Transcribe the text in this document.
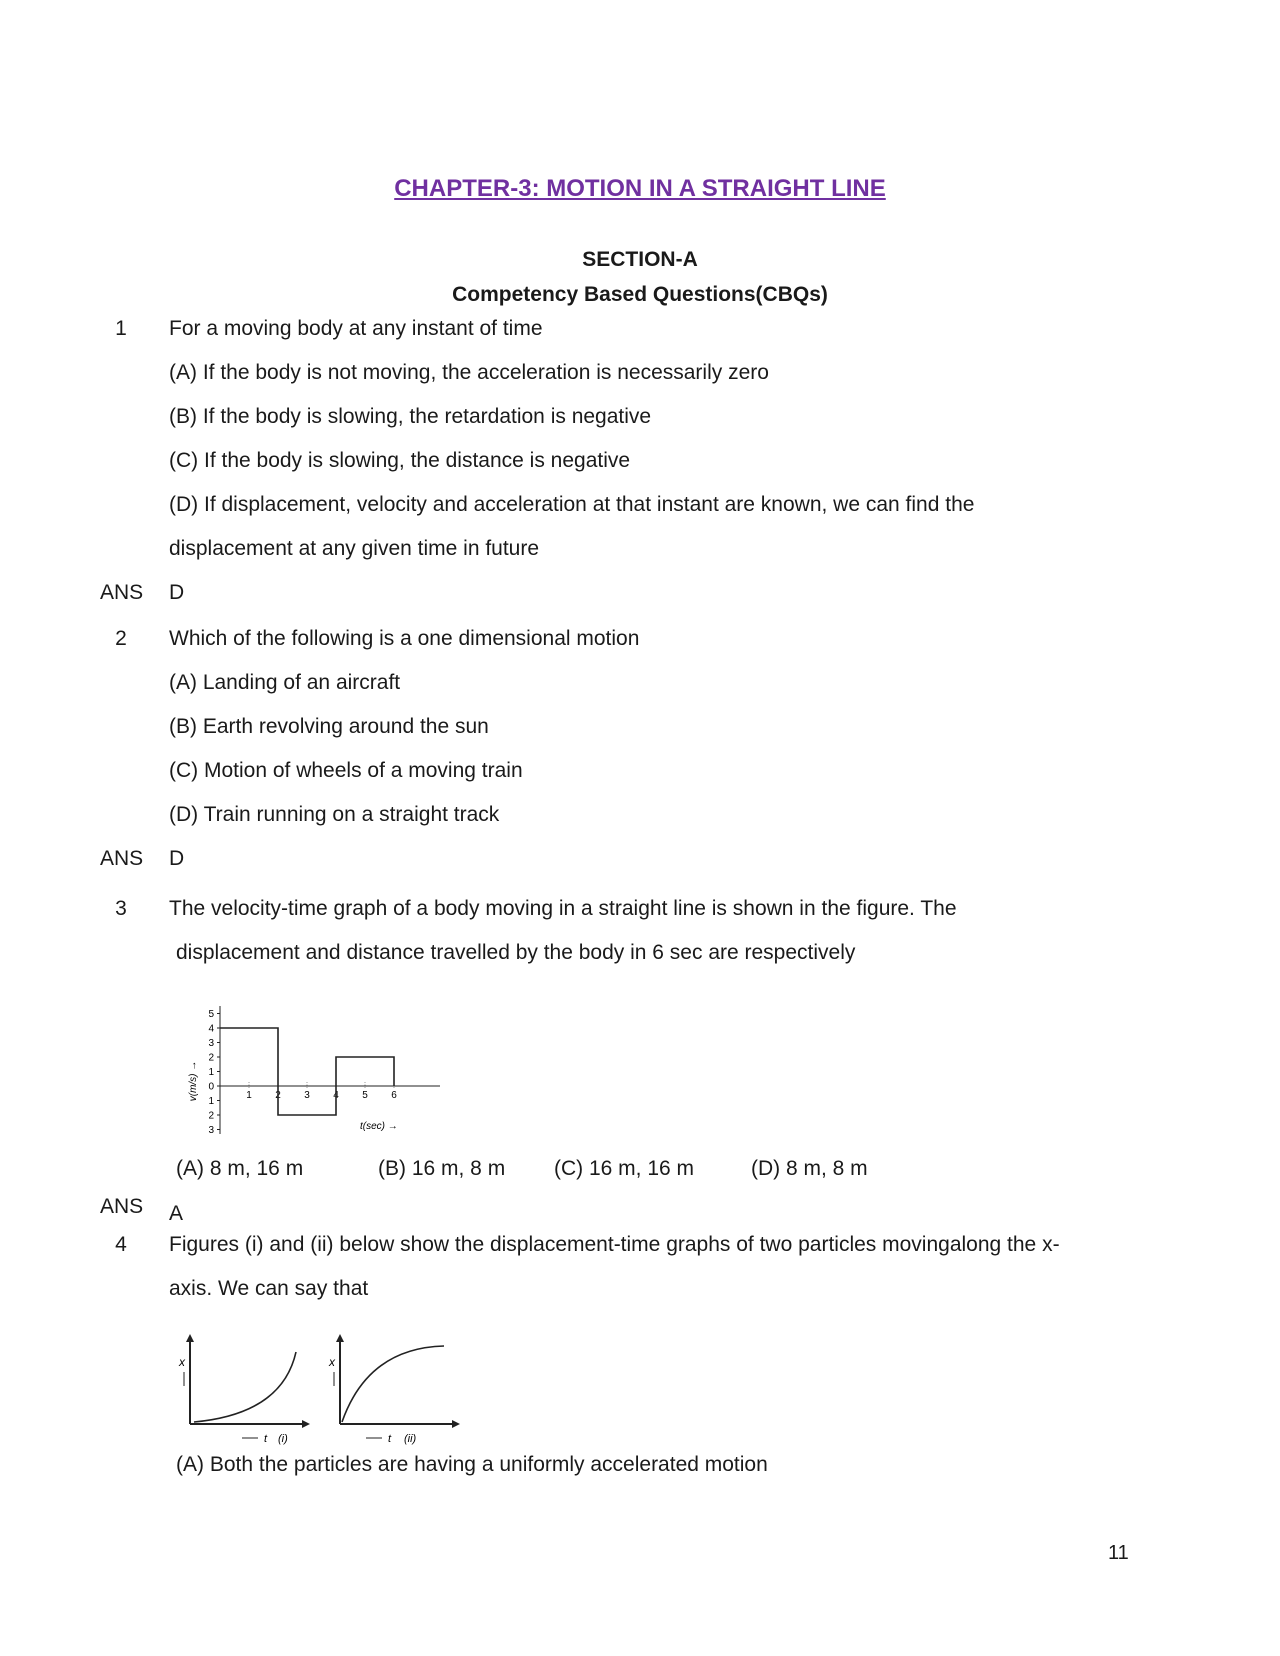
CHAPTER-3: MOTION IN A STRAIGHT LINE
SECTION-A
Competency Based Questions(CBQs)
1	For a moving body at any instant of time
(A) If the body is not moving, the acceleration is necessarily zero
(B) If the body is slowing, the retardation is negative
(C) If the body is slowing, the distance is negative
(D) If displacement, velocity and acceleration at that instant are known, we can find the
displacement at any given time in future
ANS D
2	Which of the following is a one dimensional motion
(A) Landing of an aircraft
(B) Earth revolving around the sun
(C) Motion of wheels of a moving train
(D) Train running on a straight track
ANS D
3	The velocity-time graph of a body moving in a straight line is shown in the figure. The
displacement and distance travelled by the body in 6 sec are respectively
5
4
3
2
1
0
1
2
3
1 2 3 4 5 6
v(m/s) →
t(sec) →
(A) 8 m, 16 m	(B) 16 m, 8 m (C) 16 m, 16 m	(D) 8 m, 8 m
ANS A
4	Figures (i) and (ii) below show the displacement-time graphs of two particles movingalong the x-
axis. We can say that
x
t (i)
x
t (ii)
(A) Both the particles are having a uniformly accelerated motion
11
